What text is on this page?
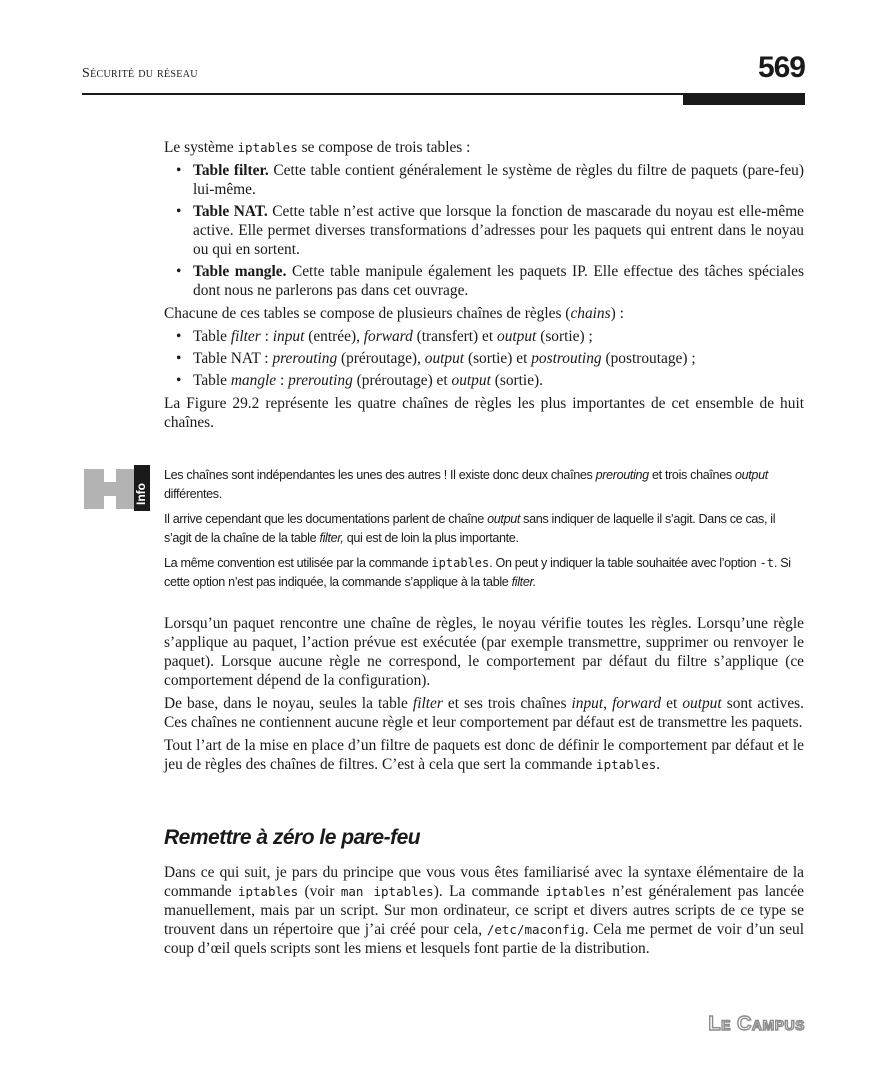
Sécurité du réseau	569

Le système iptables se compose de trois tables :

• Table filter. Cette table contient généralement le système de règles du filtre de paquets (pare-feu) lui-même.
• Table NAT. Cette table n’est active que lorsque la fonction de mascarade du noyau est elle-même active. Elle permet diverses transformations d’adresses pour les paquets qui entrent dans le noyau ou qui en sortent.
• Table mangle. Cette table manipule également les paquets IP. Elle effectue des tâches spéciales dont nous ne parlerons pas dans cet ouvrage.

Chacune de ces tables se compose de plusieurs chaînes de règles (chains) :

• Table filter : input (entrée), forward (transfert) et output (sortie) ;
• Table NAT : prerouting (préroutage), output (sortie) et postrouting (postroutage) ;
• Table mangle : prerouting (préroutage) et output (sortie).

La Figure 29.2 représente les quatre chaînes de règles les plus importantes de cet ensemble de huit chaînes.

Info

Les chaînes sont indépendantes les unes des autres ! Il existe donc deux chaînes prerouting et trois chaînes output différentes.

Il arrive cependant que les documentations parlent de chaîne output sans indiquer de laquelle il s’agit. Dans ce cas, il s’agit de la chaîne de la table filter, qui est de loin la plus importante.

La même convention est utilisée par la commande iptables. On peut y indiquer la table souhaitée avec l’option -t. Si cette option n’est pas indiquée, la commande s’applique à la table filter.

Lorsqu’un paquet rencontre une chaîne de règles, le noyau vérifie toutes les règles. Lorsqu’une règle s’applique au paquet, l’action prévue est exécutée (par exemple transmettre, supprimer ou renvoyer le paquet). Lorsque aucune règle ne correspond, le comportement par défaut du filtre s’applique (ce comportement dépend de la configuration).

De base, dans le noyau, seules la table filter et ses trois chaînes input, forward et output sont actives. Ces chaînes ne contiennent aucune règle et leur comportement par défaut est de transmettre les paquets.

Tout l’art de la mise en place d’un filtre de paquets est donc de définir le comportement par défaut et le jeu de règles des chaînes de filtres. C’est à cela que sert la commande iptables.

Remettre à zéro le pare-feu

Dans ce qui suit, je pars du principe que vous vous êtes familiarisé avec la syntaxe élémentaire de la commande iptables (voir man iptables). La commande iptables n’est généralement pas lancée manuellement, mais par un script. Sur mon ordinateur, ce script et divers autres scripts de ce type se trouvent dans un répertoire que j’ai créé pour cela, /etc/maconfig. Cela me permet de voir d’un seul coup d’œil quels scripts sont les miens et lesquels font partie de la distribution.

Le Campus
